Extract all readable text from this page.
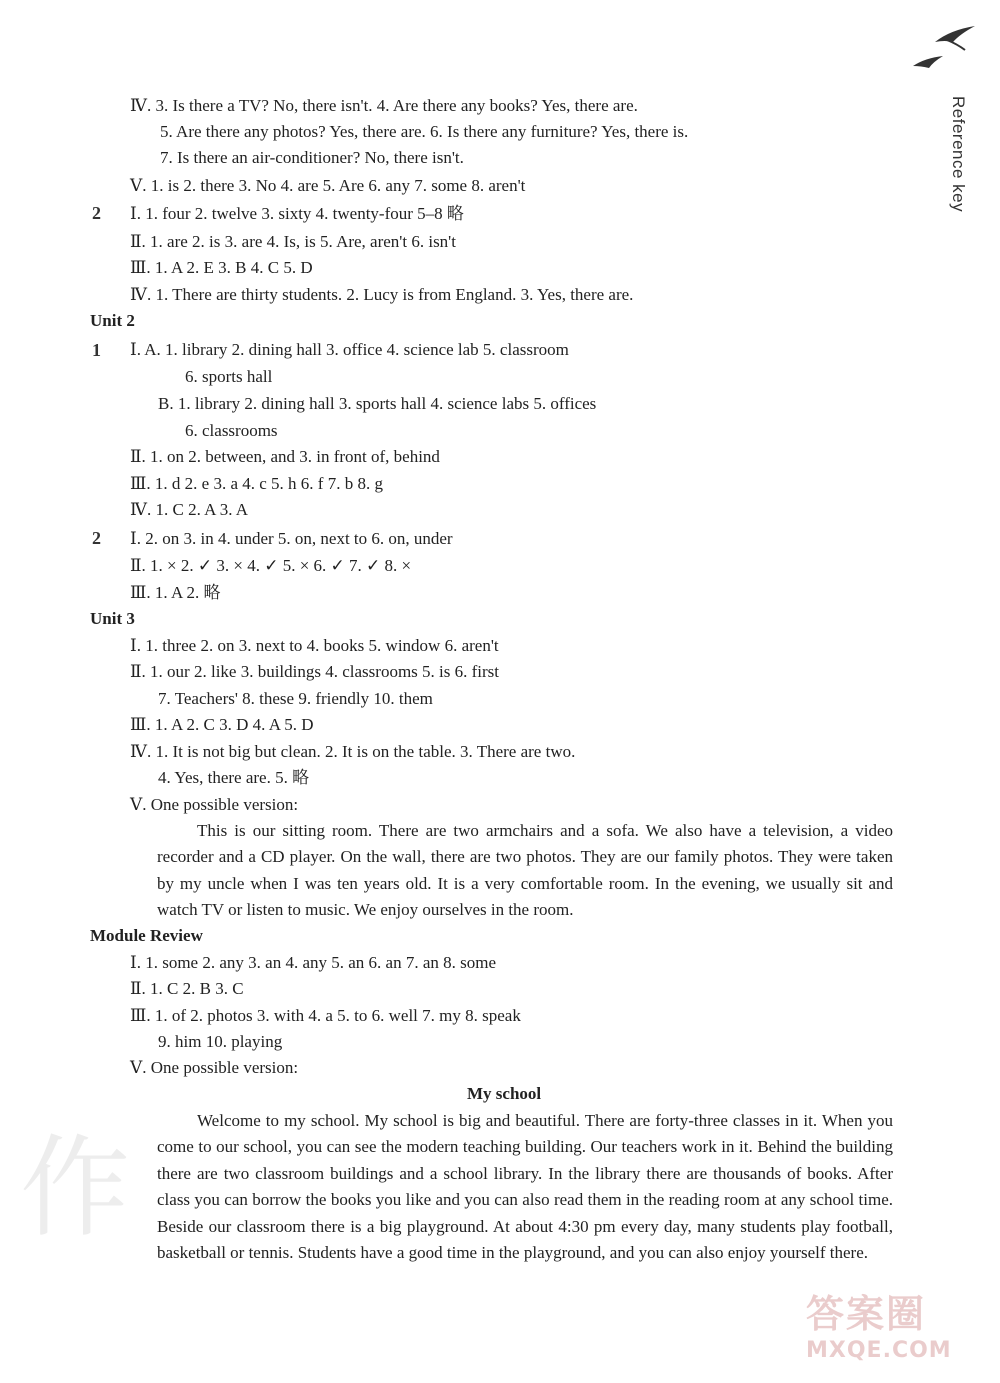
Reference key
作
2
1
2
Ⅳ. 3. Is there a TV? No, there isn't. 4. Are there any books? Yes, there are.
5. Are there any photos? Yes, there are. 6. Is there any furniture? Yes, there is.
7. Is there an air-conditioner? No, there isn't.
Ⅴ. 1. is 2. there 3. No 4. are 5. Are 6. any 7. some 8. aren't
Ⅰ. 1. four 2. twelve 3. sixty 4. twenty-four 5–8 略
Ⅱ. 1. are 2. is 3. are 4. Is, is 5. Are, aren't 6. isn't
Ⅲ. 1. A 2. E 3. B 4. C 5. D
Ⅳ. 1. There are thirty students. 2. Lucy is from England. 3. Yes, there are.
Unit 2
Ⅰ. A. 1. library 2. dining hall 3. office 4. science lab 5. classroom
6. sports hall
B. 1. library 2. dining hall 3. sports hall 4. science labs 5. offices
6. classrooms
Ⅱ. 1. on 2. between, and 3. in front of, behind
Ⅲ. 1. d 2. e 3. a 4. c 5. h 6. f 7. b 8. g
Ⅳ. 1. C 2. A 3. A
Ⅰ. 2. on 3. in 4. under 5. on, next to 6. on, under
Ⅱ. 1. × 2. ✓ 3. × 4. ✓ 5. × 6. ✓ 7. ✓ 8. ×
Ⅲ. 1. A 2. 略
Unit 3
Ⅰ. 1. three 2. on 3. next to 4. books 5. window 6. aren't
Ⅱ. 1. our 2. like 3. buildings 4. classrooms 5. is 6. first
7. Teachers' 8. these 9. friendly 10. them
Ⅲ. 1. A 2. C 3. D 4. A 5. D
Ⅳ. 1. It is not big but clean. 2. It is on the table. 3. There are two.
4. Yes, there are. 5. 略
Ⅴ. One possible version:
This is our sitting room. There are two armchairs and a sofa. We also have a television, a video recorder and a CD player. On the wall, there are two photos. They are our family photos. They were taken by my uncle when I was ten years old. It is a very comfortable room. In the evening, we usually sit and watch TV or listen to music. We enjoy ourselves in the room.
Module Review
Ⅰ. 1. some 2. any 3. an 4. any 5. an 6. an 7. an 8. some
Ⅱ. 1. C 2. B 3. C
Ⅲ. 1. of 2. photos 3. with 4. a 5. to 6. well 7. my 8. speak
9. him 10. playing
Ⅴ. One possible version:
My school
Welcome to my school. My school is big and beautiful. There are forty-three classes in it. When you come to our school, you can see the modern teaching building. Our teachers work in it. Behind the building there are two classroom buildings and a school library. In the library there are thousands of books. After class you can borrow the books you like and you can also read them in the reading room at any school time. Beside our classroom there is a big playground. At about 4:30 pm every day, many students play football, basketball or tennis. Students have a good time in the playground, and you can also enjoy yourself there.
答案圈
MXQE.COM
